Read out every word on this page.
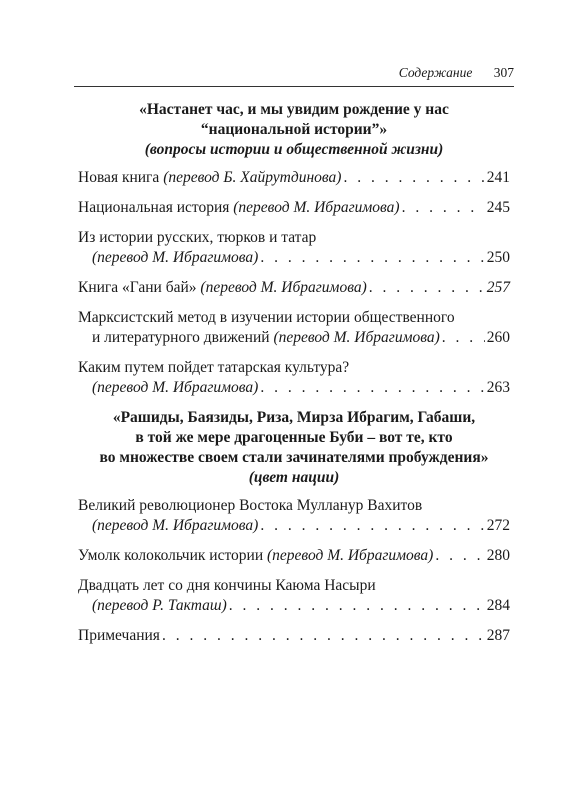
Содержание 307
«Настанет час, и мы увидим рождение у нас
“национальной истории”»
(вопросы истории и общественной жизни)
Новая книга
(перевод Б. Хайрутдинова) . . .	241
Национальная история
(перевод М. Ибрагимова) . . .	245
Из истории русских, тюрков и татар
(перевод М. Ибрагимова) . . .	250
Книга «Гани бай»
(перевод М. Ибрагимова) . . .	257
Марксистский метод в изучении истории общественного
и литературного движений
(перевод М. Ибрагимова) . . .	260
Каким путем пойдет татарская культура?
(перевод М. Ибрагимова) . . .	263
«Рашиды, Баязиды, Риза, Мирза Ибрагим, Габаши,
в той же мере драгоценные Буби – вот те, кто
во множестве своем стали зачинателями пробуждения»
(цвет нации)
Великий революционер Востока Мулланур Вахитов
(перевод М. Ибрагимова) . . .	272
Умолк колокольчик истории
(перевод М. Ибрагимова) . . .	280
Двадцать лет со дня кончины Каюма Насыри
(перевод Р. Такташ) . . .	284
Примечания . . .	287
